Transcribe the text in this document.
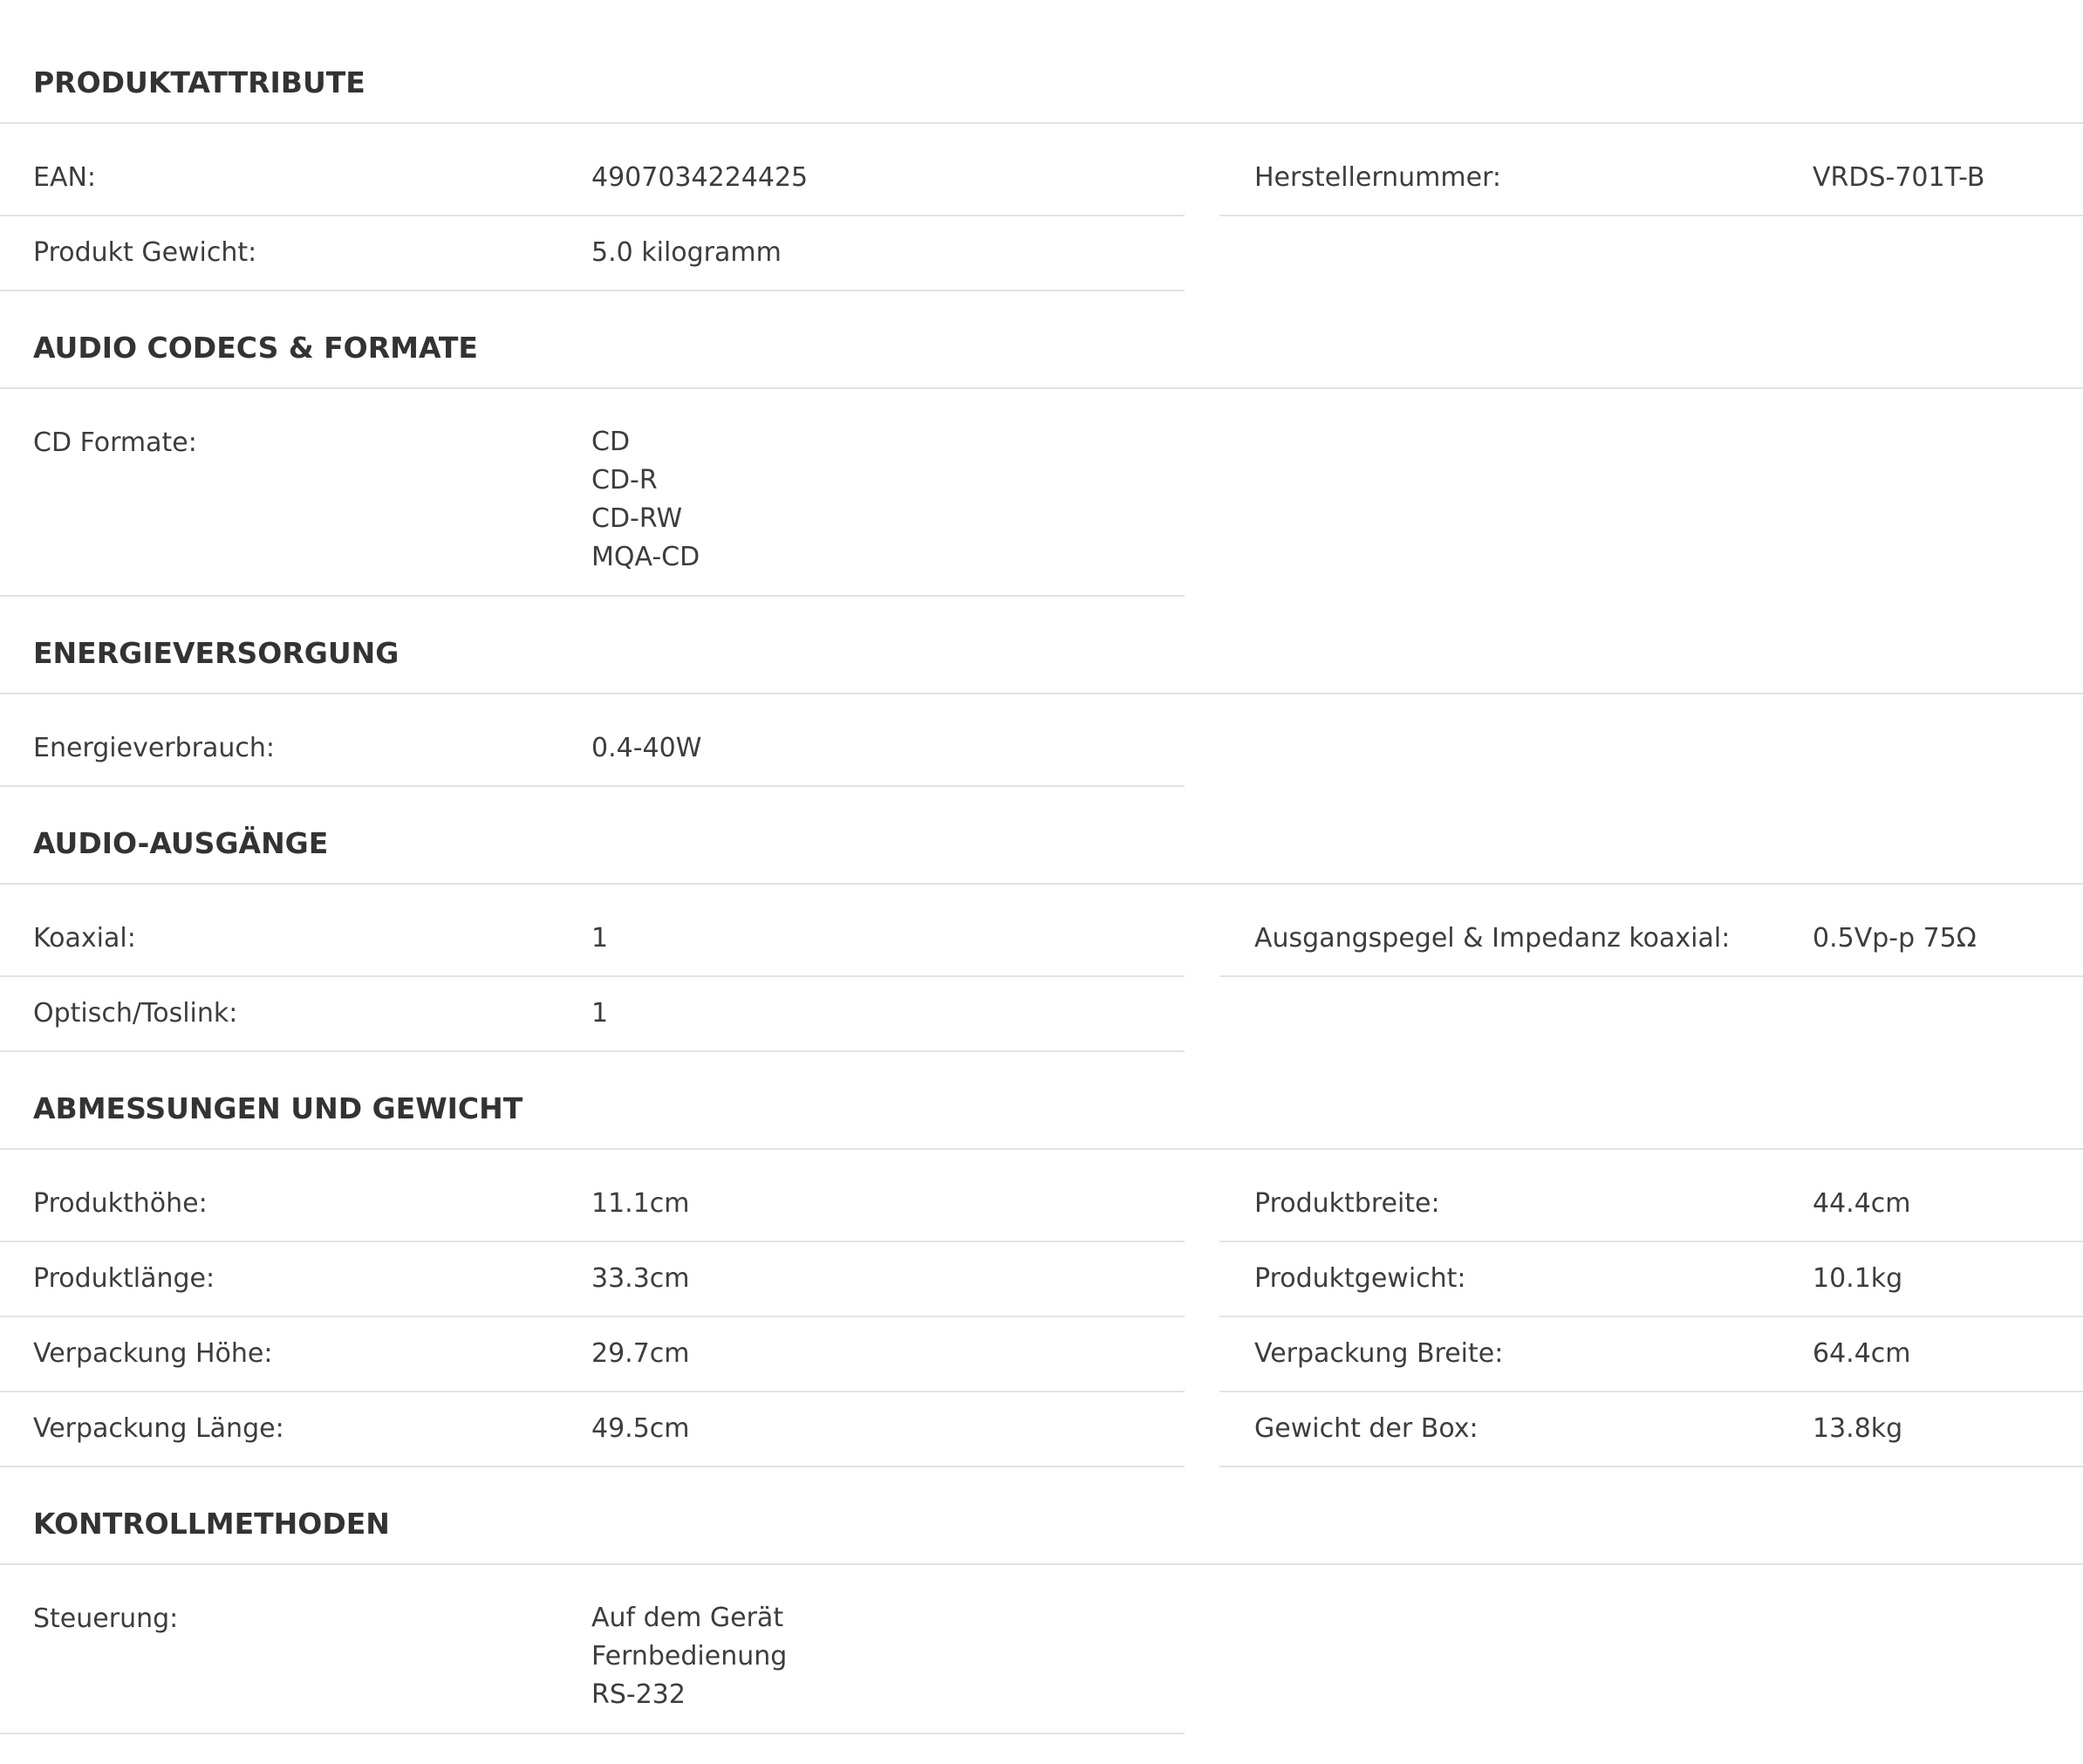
PRODUKTATTRIBUTE
EAN:	4907034224425	Herstellernummer:	VRDS-701T-B
Produkt Gewicht:	5.0 kilogramm
AUDIO CODECS & FORMATE
CD Formate:	CD
CD-R
CD-RW
MQA-CD
ENERGIEVERSORGUNG
Energieverbrauch:	0.4-40W
AUDIO-AUSGÄNGE
Koaxial:	1	Ausgangspegel & Impedanz koaxial:	0.5Vp-p 75Ω
Optisch/Toslink:	1
ABMESSUNGEN UND GEWICHT
Produkthöhe:	11.1cm	Produktbreite:	44.4cm
Produktlänge:	33.3cm	Produktgewicht:	10.1kg
Verpackung Höhe:	29.7cm	Verpackung Breite:	64.4cm
Verpackung Länge:	49.5cm	Gewicht der Box:	13.8kg
KONTROLLMETHODEN
Steuerung:	Auf dem Gerät
Fernbedienung
RS-232
